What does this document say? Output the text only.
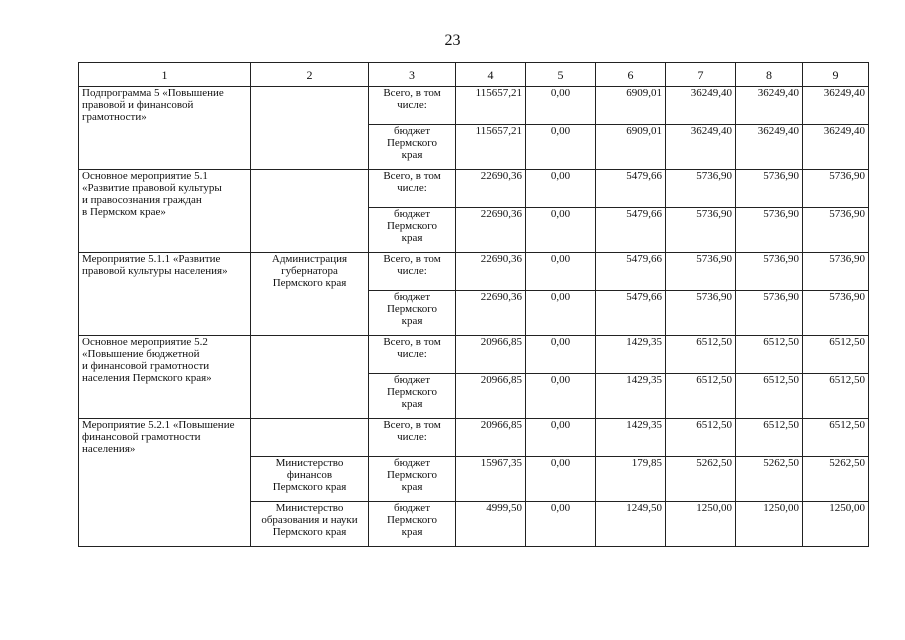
23
1	2	3	4	5	6	7	8	9

Подпрограмма 5 «Повышение
правовой и финансовой
грамотности»		Всего, в том
числе:	115657,21	0,00	6909,01	36249,40	36249,40	36249,40

		бюджет
Пермского
края	115657,21	0,00	6909,01	36249,40	36249,40	36249,40

Основное мероприятие 5.1
«Развитие правовой культуры
и правосознания граждан
в Пермском крае»		Всего, в том
числе:	22690,36	0,00	5479,66	5736,90	5736,90	5736,90

		бюджет
Пермского
края	22690,36	0,00	5479,66	5736,90	5736,90	5736,90

Мероприятие 5.1.1 «Развитие
правовой культуры населения»	Администрация
губернатора
Пермского края	Всего, в том
числе:	22690,36	0,00	5479,66	5736,90	5736,90	5736,90

		бюджет
Пермского
края	22690,36	0,00	5479,66	5736,90	5736,90	5736,90

Основное мероприятие 5.2
«Повышение бюджетной
и финансовой грамотности
населения Пермского края»		Всего, в том
числе:	20966,85	0,00	1429,35	6512,50	6512,50	6512,50

		бюджет
Пермского
края	20966,85	0,00	1429,35	6512,50	6512,50	6512,50

Мероприятие 5.2.1 «Повышение
финансовой грамотности
населения»		Всего, в том
числе:	20966,85	0,00	1429,35	6512,50	6512,50	6512,50

	Министерство
финансов
Пермского края	бюджет
Пермского
края	15967,35	0,00	179,85	5262,50	5262,50	5262,50

	Министерство
образования и науки
Пермского края	бюджет
Пермского
края	4999,50	0,00	1249,50	1250,00	1250,00	1250,00
